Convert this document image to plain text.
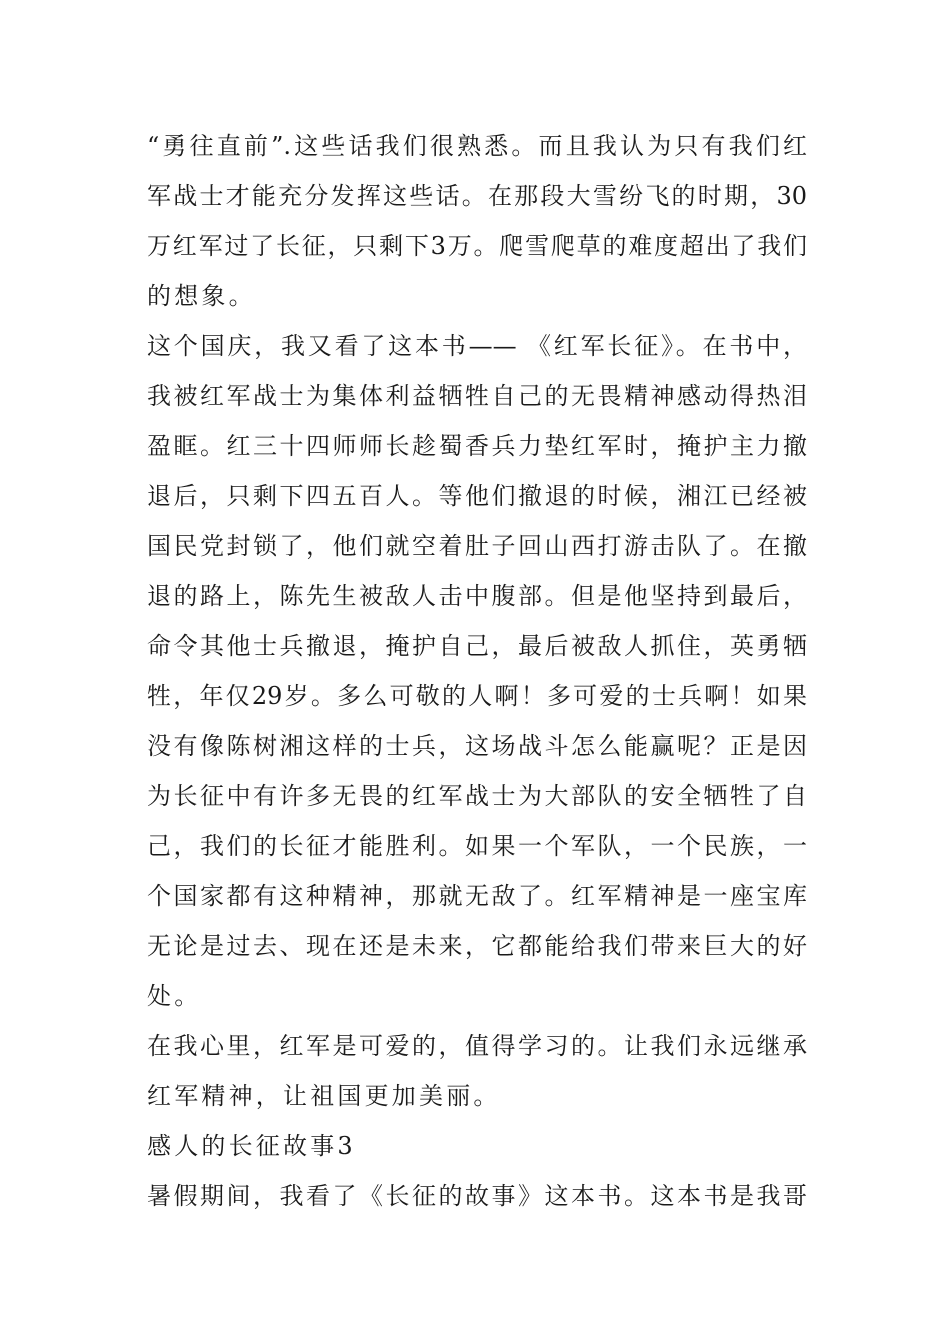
“勇往直前”.这些话我们很熟悉。而且我认为只有我们红
军战士才能充分发挥这些话。在那段大雪纷飞的时期，30
万红军过了长征，只剩下3万。爬雪爬草的难度超出了我们
的想象。
这个国庆，我又看了这本书—— 《红军长征》。在书中，
我被红军战士为集体利益牺牲自己的无畏精神感动得热泪
盈眶。红三十四师师长趁蜀香兵力垫红军时，掩护主力撤
退后，只剩下四五百人。等他们撤退的时候，湘江已经被
国民党封锁了，他们就空着肚子回山西打游击队了。在撤
退的路上，陈先生被敌人击中腹部。但是他坚持到最后，
命令其他士兵撤退，掩护自己，最后被敌人抓住，英勇牺
牲，年仅29岁。多么可敬的人啊！多可爱的士兵啊！如果
没有像陈树湘这样的士兵，这场战斗怎么能赢呢？正是因
为长征中有许多无畏的红军战士为大部队的安全牺牲了自
己，我们的长征才能胜利。如果一个军队，一个民族，一
个国家都有这种精神，那就无敌了。红军精神是一座宝库
无论是过去、现在还是未来，它都能给我们带来巨大的好
处。
在我心里，红军是可爱的，值得学习的。让我们永远继承
红军精神，让祖国更加美丽。
感人的长征故事3
暑假期间，我看了《长征的故事》这本书。这本书是我哥
